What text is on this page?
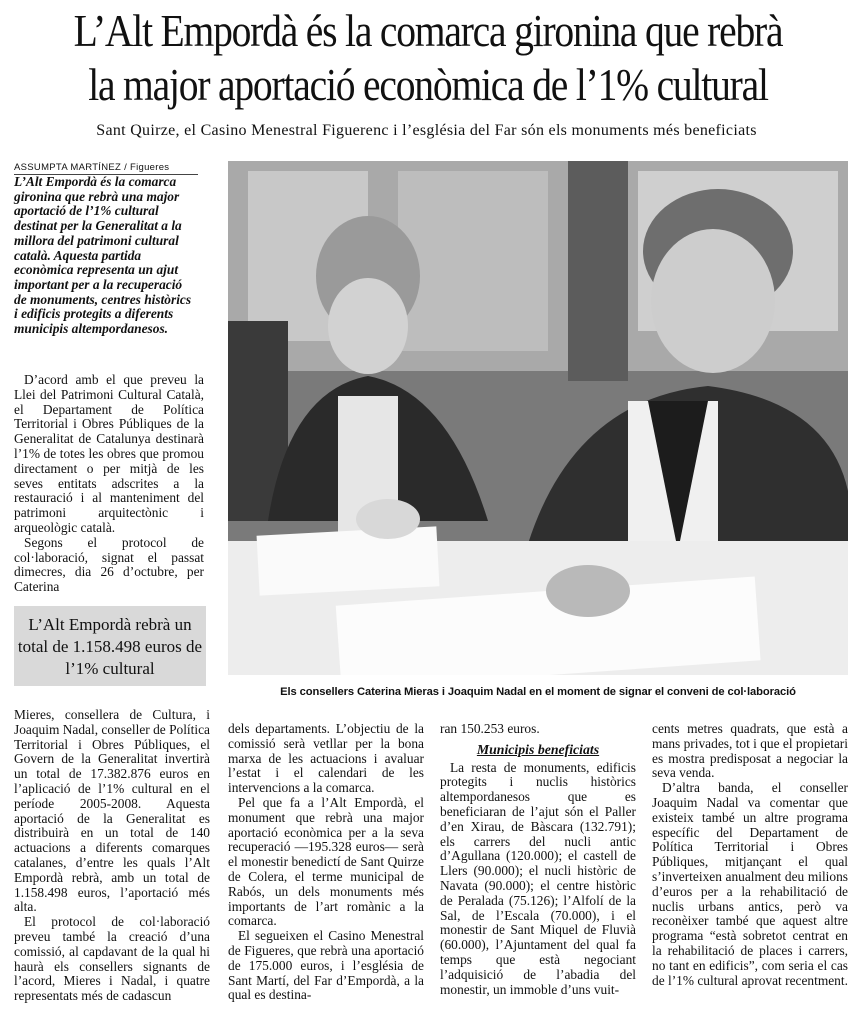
L’Alt Empordà és la comarca gironina que rebrà la major aportació econòmica de l’1% cultural
Sant Quirze, el Casino Menestral Figuerenc i l’església del Far són els monuments més beneficiats
ASSUMPTA MARTÍNEZ / Figueres

L’Alt Empordà és la comarca gironina que rebrà una major aportació de l’1% cultural destinat per la Generalitat a la millora del patrimoni cultural català. Aquesta partida econòmica representa un ajut important per a la recuperació de monuments, centres històrics i edificis protegits a diferents municipis altempordanesos.

D’acord amb el que preveu la Llei del Patrimoni Cultural Català, el Departament de Política Territorial i Obres Públiques de la Generalitat de Catalunya destinarà l’1% de totes les obres que promou directament o per mitjà de les seves entitats adscrites a la restauració i al manteniment del patrimoni arquitectònic i arqueològic català.

Segons el protocol de col·laboració, signat el passat dimecres, dia 26 d’octubre, per Caterina

L’Alt Empordà rebrà un total de 1.158.498 euros de l’1% cultural

Mieres, consellera de Cultura, i Joaquim Nadal, conseller de Política Territorial i Obres Públiques, el Govern de la Generalitat invertirà un total de 17.382.876 euros en l’aplicació de l’1% cultural en el període 2005-2008. Aquesta aportació de la Generalitat es distribuirà en un total de 140 actuacions a diferents comarques catalanes, d’entre les quals l’Alt Empordà rebrà, amb un total de 1.158.498 euros, l’aportació més alta.

El protocol de col·laboració preveu també la creació d’una comissió, al capdavant de la qual hi haurà els consellers signants de l’acord, Mieres i Nadal, i quatre representats més de cadascun

Els consellers Caterina Mieras i Joaquim Nadal en el moment de signar el conveni de col·laboració

dels departaments. L’objectiu de la comissió serà vetllar per la bona marxa de les actuacions i avaluar l’estat i el calendari de les intervencions a la comarca.

Pel que fa a l’Alt Empordà, el monument que rebrà una major aportació econòmica per a la seva recuperació —195.328 euros— serà el monestir benedictí de Sant Quirze de Colera, el terme municipal de Rabós, un dels monuments més importants de l’art romànic a la comarca.

El segueixen el Casino Menestral de Figueres, que rebrà una aportació de 175.000 euros, i l’església de Sant Martí, del Far d’Empordà, a la qual es destina-

ran 150.253 euros.

Municipis beneficiats

La resta de monuments, edificis protegits i nuclis històrics altempordanesos que es beneficiaran de l’ajut són el Paller d’en Xirau, de Bàscara (132.791); els carrers del nucli antic d’Agullana (120.000); el castell de Llers (90.000); el nucli històric de Navata (90.000); el centre històric de Peralada (75.126); l’Alfolí de la Sal, de l’Escala (70.000), i el monestir de Sant Miquel de Fluvià (60.000), l’Ajuntament del qual fa temps que està negociant l’adquisició de l’abadia del monestir, un immoble d’uns vuit-

cents metres quadrats, que està a mans privades, tot i que el propietari es mostra predisposat a negociar la seva venda.

D’altra banda, el conseller Joaquim Nadal va comentar que existeix també un altre programa específic del Departament de Política Territorial i Obres Públiques, mitjançant el qual s’inverteixen anualment deu milions d’euros per a la rehabilitació de nuclis urbans antics, però va reconèixer també que aquest altre programa “està sobretot centrat en la rehabilitació de places i carrers, no tant en edificis”, com seria el cas de l’1% cultural aprovat recentment.
